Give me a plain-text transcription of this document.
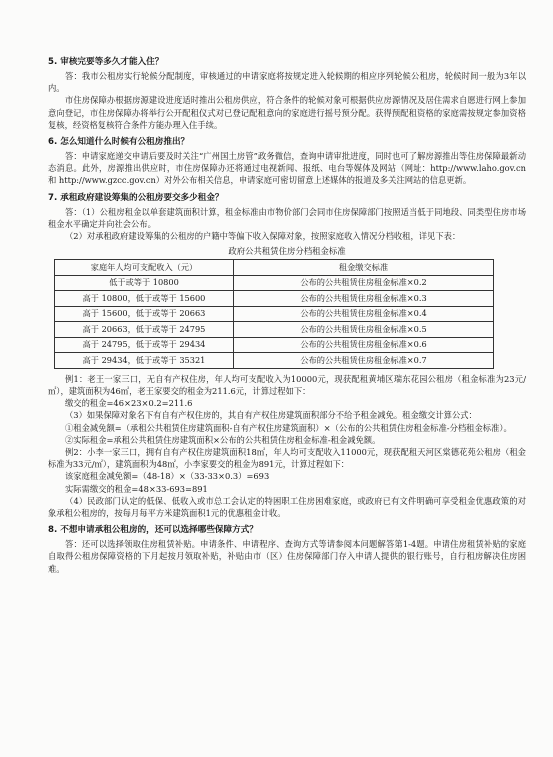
5. 审核完要等多久才能入住？

答：我市公租房实行轮候分配制度，审核通过的申请家庭将按规定进入轮候期的相应序列轮候公租房，轮候时间一般为3年以内。

市住房保障办根据房源建设进度适时推出公租房供应，符合条件的轮候对象可根据供应房源情况及居住需求自愿进行网上参加意向登记，市住房保障办将举行公开配租仪式对已登记配租意向的家庭进行摇号预分配。获得预配租资格的家庭需按规定参加资格复核，经资格复核符合条件方能办理入住手续。

6. 怎么知道什么时候有公租房推出？

答：申请家庭递交申请后要及时关注“广州国土房管”政务微信，查询申请审批进度，同时也可了解房源推出等住房保障最新动态消息。此外，房源推出供应时，市住房保障办还将通过电视新闻、报纸、电台等媒体及网站（网址：http://www.laho.gov.cn 和 http://www.gzcc.gov.cn）对外公布相关信息，申请家庭可密切留意上述媒体的报道及多关注网站的信息更新。

7. 承租政府建设筹集的公租房要交多少租金？

答：（1）公租房租金以单套建筑面积计算，租金标准由市物价部门会同市住房保障部门按照适当低于同地段、同类型住房市场租金水平确定并向社会公布。

（2）对承租政府建设筹集的公租房的户籍中等偏下收入保障对象，按照家庭收入情况分档收租，详见下表：

政府公共租赁住房分档租金标准

家庭年人均可支配收入（元）	租金缴交标准
低于或等于 10800	公布的公共租赁住房租金标准×0.2
高于 10800，低于或等于 15600	公布的公共租赁住房租金标准×0.3
高于 15600，低于或等于 20663	公布的公共租赁住房租金标准×0.4
高于 20663，低于或等于 24795	公布的公共租赁住房租金标准×0.5
高于 24795，低于或等于 29434	公布的公共租赁住房租金标准×0.6
高于 29434，低于或等于 35321	公布的公共租赁住房租金标准×0.7

例1：老王一家三口，无自有产权住房，年人均可支配收入为10000元，现获配租黄埔区瑞东花园公租房（租金标准为23元/㎡），建筑面积为46㎡，老王家要交的租金为211.6元，计算过程如下：

缴交的租金=46×23×0.2=211.6

（3）如果保障对象名下有自有产权住房的，其自有产权住房建筑面积部分不给予租金减免。租金缴交计算公式：

①租金减免额=（承租公共租赁住房建筑面积-自有产权住房建筑面积）×（公布的公共租赁住房租金标准-分档租金标准）。

②实际租金=承租公共租赁住房建筑面积×公布的公共租赁住房租金标准-租金减免额。

例2：小李一家三口，拥有自有产权住房建筑面积18㎡，年人均可支配收入11000元，现获配租天河区棠德花苑公租房（租金标准为33元/㎡），建筑面积为48㎡，小李家要交的租金为891元，计算过程如下：

该家庭租金减免额=（48-18）×（33-33×0.3）=693

实际需缴交的租金=48×33-693=891

（4）民政部门认定的低保、低收入或市总工会认定的特困职工住房困难家庭，或政府已有文件明确可享受租金优惠政策的对象承租公租房的，按每月每平方米建筑面积1元的优惠租金计收。

8. 不想申请承租公租房的，还可以选择哪些保障方式？

答：还可以选择领取住房租赁补贴。申请条件、申请程序、查询方式等请参阅本问题解答第1-4题。申请住房租赁补贴的家庭自取得公租房保障资格的下月起按月领取补贴，补贴由市（区）住房保障部门存入申请人提供的银行账号，自行租房解决住房困难。
